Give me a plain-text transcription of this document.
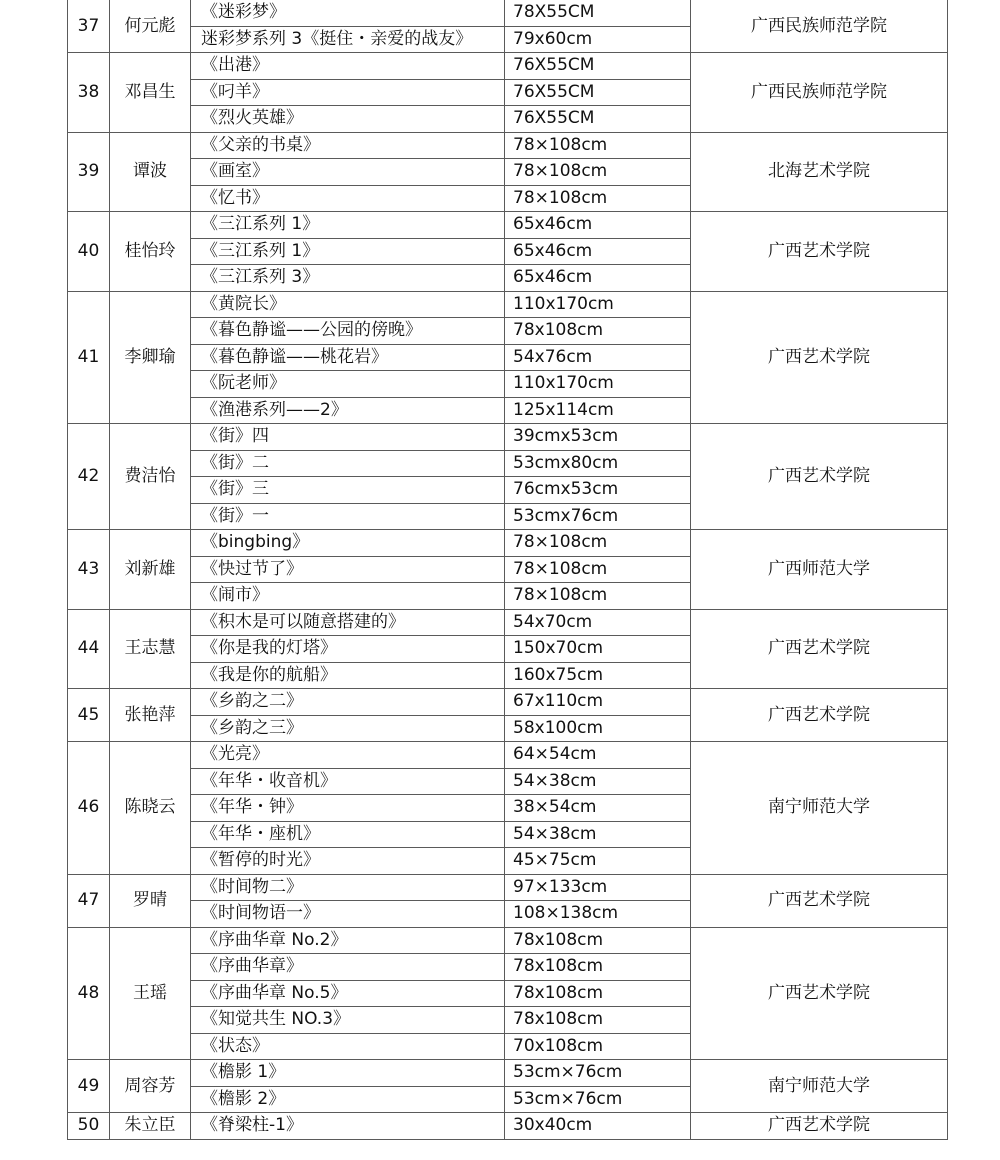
37	何元彪	《迷彩梦》	78X55CM	广西民族师范学院
		迷彩梦系列 3《挺住・亲爱的战友》	79x60cm	
38	邓昌生	《出港》	76X55CM	广西民族师范学院
		《叼羊》	76X55CM	
		《烈火英雄》	76X55CM	
39	谭波	《父亲的书桌》	78×108cm	北海艺术学院
		《画室》	78×108cm	
		《忆书》	78×108cm	
40	桂怡玲	《三江系列 1》	65x46cm	广西艺术学院
		《三江系列 1》	65x46cm	
		《三江系列 3》	65x46cm	
41	李卿瑜	《黄院长》	110x170cm	广西艺术学院
		《暮色静谧——公园的傍晚》	78x108cm	
		《暮色静谧——桃花岩》	54x76cm	
		《阮老师》	110x170cm	
		《渔港系列——2》	125x114cm	
42	费洁怡	《街》四	39cmx53cm	广西艺术学院
		《街》二	53cmx80cm	
		《街》三	76cmx53cm	
		《街》一	53cmx76cm	
43	刘新雄	《bingbing》	78×108cm	广西师范大学
		《快过节了》	78×108cm	
		《闹市》	78×108cm	
44	王志慧	《积木是可以随意搭建的》	54x70cm	广西艺术学院
		《你是我的灯塔》	150x70cm	
		《我是你的航船》	160x75cm	
45	张艳萍	《乡韵之二》	67x110cm	广西艺术学院
		《乡韵之三》	58x100cm	
46	陈晓云	《光亮》	64×54cm	南宁师范大学
		《年华・收音机》	54×38cm	
		《年华・钟》	38×54cm	
		《年华・座机》	54×38cm	
		《暂停的时光》	45×75cm	
47	罗晴	《时间物二》	97×133cm	广西艺术学院
		《时间物语一》	108×138cm	
48	王瑶	《序曲华章 No.2》	78x108cm	广西艺术学院
		《序曲华章》	78x108cm	
		《序曲华章 No.5》	78x108cm	
		《知觉共生 NO.3》	78x108cm	
		《状态》	70x108cm	
49	周容芳	《檐影 1》	53cm×76cm	南宁师范大学
		《檐影 2》	53cm×76cm	
50	朱立臣	《脊梁柱-1》	30x40cm	广西艺术学院
